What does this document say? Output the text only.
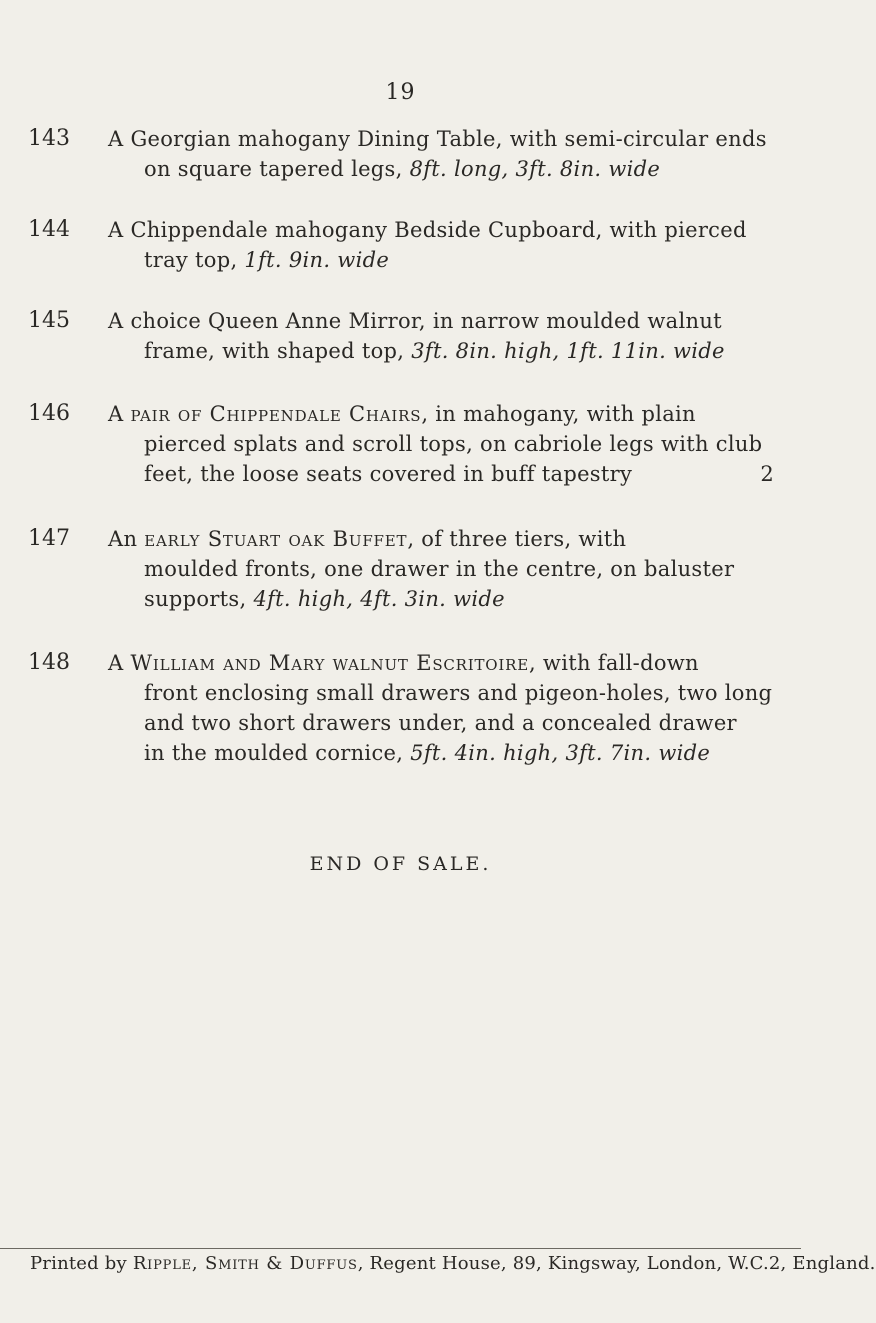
19
143 A Georgian mahogany Dining Table, with semi-circular ends
on square tapered legs, 8ft. long, 3ft. 8in. wide
144 A Chippendale mahogany Bedside Cupboard, with pierced
tray top, 1ft. 9in. wide
145 A choice Queen Anne Mirror, in narrow moulded walnut
frame, with shaped top, 3ft. 8in. high, 1ft. 11in. wide
146 A pair of Chippendale Chairs, in mahogany, with plain
pierced splats and scroll tops, on cabriole legs with club
feet, the loose seats covered in buff tapestry	2
147 An early Stuart oak Buffet, of three tiers, with
moulded fronts, one drawer in the centre, on baluster
supports, 4ft. high, 4ft. 3in. wide
148 A William and Mary walnut Escritoire, with fall-down
front enclosing small drawers and pigeon-holes, two long
and two short drawers under, and a concealed drawer
in the moulded cornice, 5ft. 4in. high, 3ft. 7in. wide
END OF SALE.
Printed by Ripple, Smith & Duffus, Regent House, 89, Kingsway, London, W.C.2, England.
